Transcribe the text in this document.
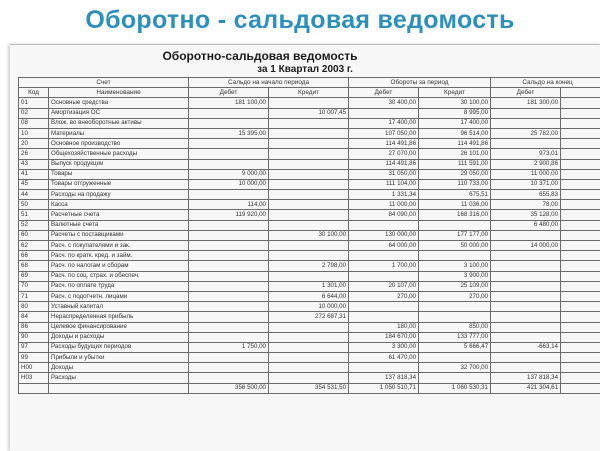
Оборотно - сальдовая ведомость
Оборотно-сальдовая ведомость
за 1 Квартал 2003 г.
Счет		Сальдо на начало периода		Обороты за период		Сальдо на конец	
Код	Наименование	Дебет	Кредит	Дебет	Кредит	Дебет	
01	Основные средства	181 100,00		30 400,00	30 100,00	181 300,00	
02	Амортизация ОС		10 007,45		8 995,00		
08	Влож. во внеоборотные активы			17 400,00	17 400,00		
10	Материалы	15 395,00		107 050,00	96 514,00	25 782,00	
20	Основное производство			114 491,86	114 491,86		
26	Общехозяйственные расходы			27 070,00	26 101,00	973,01	
43	Выпуск продукции			114 491,86	111 591,00	2 900,86	
41	Товары	9 000,00		31 050,00	29 050,00	11 000,00	
45	Товары отгруженные	10 000,00		111 104,00	110 733,00	10 371,00	
44	Расходы на продажу			1 331,34	675,51	655,83	
50	Касса	114,00		11 000,00	11 036,00	78,00	
51	Расчетные счета	119 920,00		84 090,00	168 316,00	35 128,00	
52	Валютные счета					6 480,00	
60	Расчеты с поставщиками		30 100,00	130 000,00	177 177,00		
62	Расч. с покупателями и зак.			64 000,00	50 000,00	14 000,00	
66	Расч. по кратк. кред. и займ.						
68	Расч. по налогам и сборам		2 798,00	1 700,00	3 100,00		
69	Расч. по соц. страх. и обеспеч.				3 900,00		
70	Расч. по оплате труда		1 301,00	20 107,00	25 109,00		
71	Расч. с подотчетн. лицами		6 644,00	270,00	270,00		
80	Уставный капитал		10 000,00				
84	Нераспределенная прибыль		272 687,31				
86	Целевое финансирование			180,00	850,00		
90	Доходы и расходы			184 670,00	133 777,00		
97	Расходы будущих периодов	1 750,00		3 300,00	5 666,47	-663,14	
99	Прибыли и убытки			61 470,00			
Н00	Доходы				32 700,00		
Н03	Расходы			137 818,34		137 818,34	
		356 500,00	354 531,50	1 050 510,71	1 060 530,31	421 304,61	
